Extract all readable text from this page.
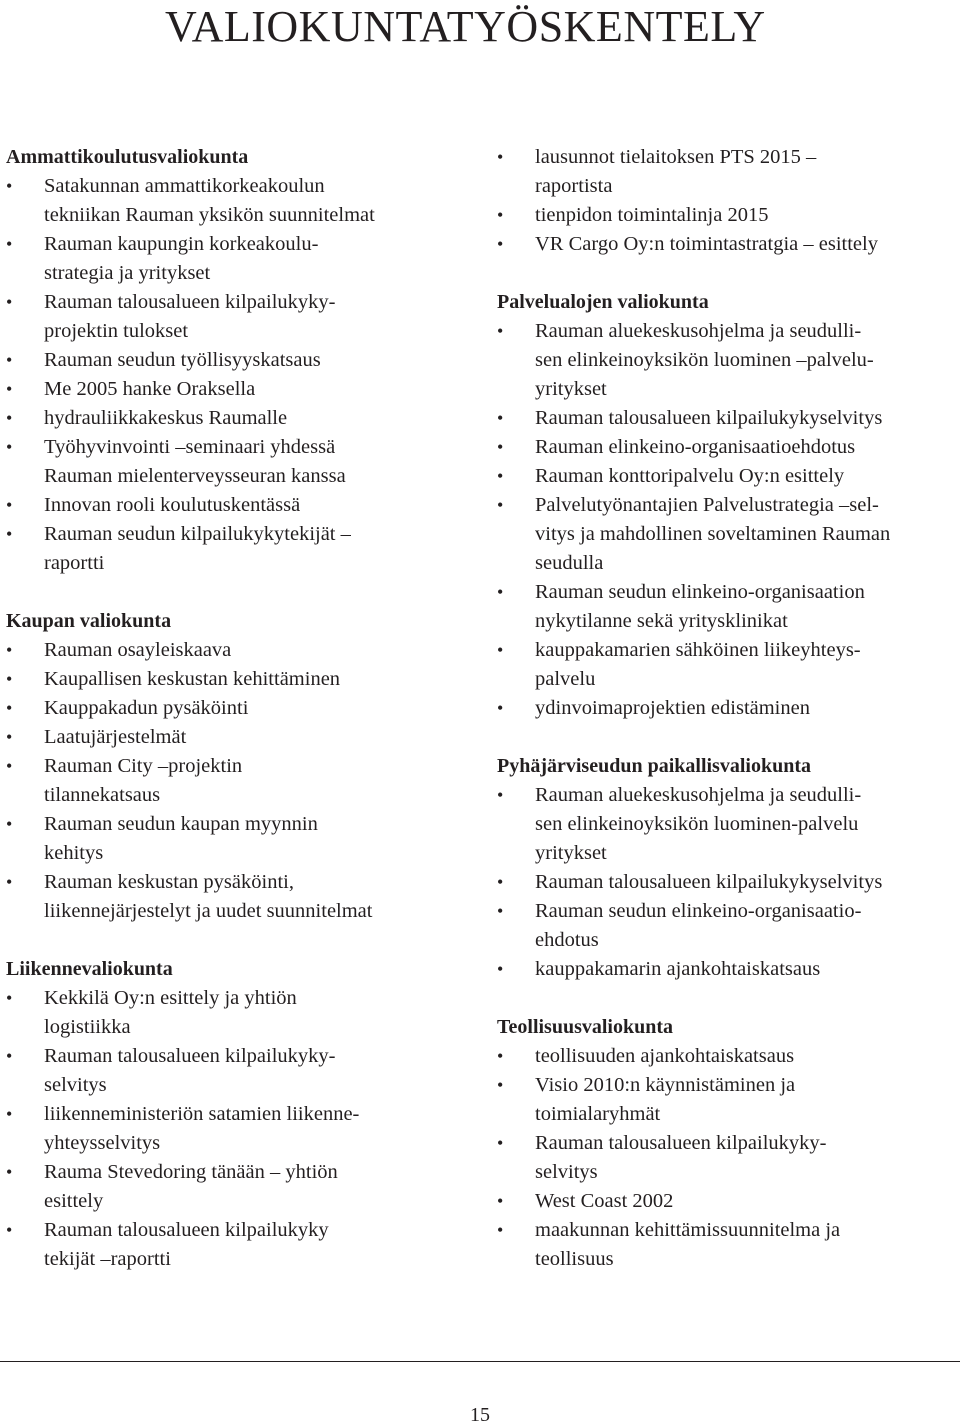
VALIOKUNTATYÖSKENTELY
Ammattikoulutusvaliokunta
• Satakunnan ammattikorkeakoulun
tekniikan Rauman yksikön suunnitelmat
• Rauman kaupungin korkeakoulu-
strategia ja yritykset
• Rauman talousalueen kilpailukyky-
projektin tulokset
• Rauman seudun työllisyyskatsaus
• Me 2005 hanke Oraksella
• hydrauliikkakeskus Raumalle
• Työhyvinvointi –seminaari yhdessä
Rauman mielenterveysseuran kanssa
• Innovan rooli koulutuskentässä
• Rauman seudun kilpailukykytekijät –
raportti
Kaupan valiokunta
• Rauman osayleiskaava
• Kaupallisen keskustan kehittäminen
• Kauppakadun pysäköinti
• Laatujärjestelmät
• Rauman City –projektin
tilannekatsaus
• Rauman seudun kaupan myynnin
kehitys
• Rauman keskustan pysäköinti,
liikennejärjestelyt ja uudet suunnitelmat
Liikennevaliokunta
• Kekkilä Oy:n esittely ja yhtiön
logistiikka
• Rauman talousalueen kilpailukyky-
selvitys
• liikenneministeriön satamien liikenne-
yhteysselvitys
• Rauma Stevedoring tänään – yhtiön
esittely
• Rauman talousalueen kilpailukyky
tekijät –raportti
• lausunnot tielaitoksen PTS 2015 –
raportista
• tienpidon toimintalinja 2015
• VR Cargo Oy:n toimintastratgia – esittely
Palvelualojen valiokunta
• Rauman aluekeskusohjelma ja seudulli-
sen elinkeinoyksikön luominen –palvelu-
yritykset
• Rauman talousalueen kilpailukykyselvitys
• Rauman elinkeino-organisaatioehdotus
• Rauman konttoripalvelu Oy:n esittely
• Palvelutyönantajien Palvelustrategia –sel-
vitys ja mahdollinen soveltaminen Rauman
seudulla
• Rauman seudun elinkeino-organisaation
nykytilanne sekä yritysklinikat
• kauppakamarien sähköinen liikeyhteys-
palvelu
• ydinvoimaprojektien edistäminen
Pyhäjärviseudun paikallisvaliokunta
• Rauman aluekeskusohjelma ja seudulli-
sen elinkeinoyksikön luominen-palvelu
yritykset
• Rauman talousalueen kilpailukykyselvitys
• Rauman seudun elinkeino-organisaatio-
ehdotus
• kauppakamarin ajankohtaiskatsaus
Teollisuusvaliokunta
• teollisuuden ajankohtaiskatsaus
• Visio 2010:n käynnistäminen ja
toimialaryhmät
• Rauman talousalueen kilpailukyky-
selvitys
• West Coast 2002
• maakunnan kehittämissuunnitelma ja
teollisuus
15
